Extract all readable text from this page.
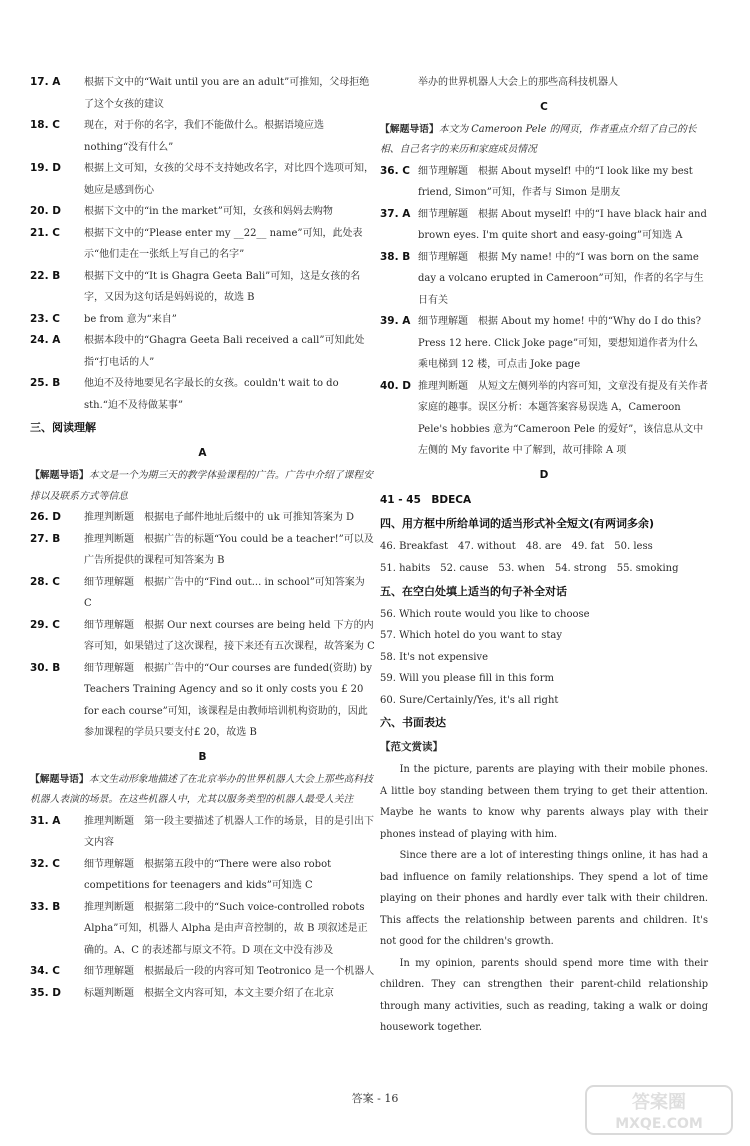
17. A 根据下文中的“Wait until you are an adult”可推知，父母拒绝了这个女孩的建议

18. C 现在，对于你的名字，我们不能做什么。根据语境应选 nothing“没有什么”

19. D 根据上文可知，女孩的父母不支持她改名字，对比四个选项可知，她应是感到伤心

20. D 根据下文中的“in the market”可知，女孩和妈妈去购物

21. C 根据下文中的“Please enter my __22__ name”可知，此处表示“他们走在一张纸上写自己的名字”

22. B 根据下文中的“It is Ghagra Geeta Bali”可知，这是女孩的名字，又因为这句话是妈妈说的，故选 B

23. C be from 意为“来自”

24. A 根据本段中的“Ghagra Geeta Bali received a call”可知此处指“打电话的人”

25. B 他迫不及待地要见名字最长的女孩。couldn't wait to do sth.“迫不及待做某事”

三、阅读理解
A

【解题导语】本文是一个为期三天的教学体验课程的广告。广告中介绍了课程安排以及联系方式等信息

26. D 推理判断题　根据电子邮件地址后缀中的 uk 可推知答案为 D

27. B 推理判断题　根据广告的标题“You could be a teacher!”可以及广告所提供的课程可知答案为 B

28. C 细节理解题　根据广告中的“Find out... in school”可知答案为 C

29. C 细节理解题　根据 Our next courses are being held 下方的内容可知，如果错过了这次课程，接下来还有五次课程，故答案为 C

30. B 细节理解题　根据广告中的“Our courses are funded(资助) by Teachers Training Agency and so it only costs you £ 20 for each course”可知，该课程是由教师培训机构资助的，因此参加课程的学员只要支付£ 20，故选 B

B

【解题导语】本文生动形象地描述了在北京举办的世界机器人大会上那些高科技机器人表演的场景。在这些机器人中，尤其以服务类型的机器人最受人关注

31. A 推理判断题　第一段主要描述了机器人工作的场景，目的是引出下文内容

32. C 细节理解题　根据第五段中的“There were also robot competitions for teenagers and kids”可知选 C

33. B 推理判断题　根据第二段中的“Such voice-controlled robots Alpha”可知，机器人 Alpha 是由声音控制的，故 B 项叙述是正确的。A、C 的表述都与原文不符。D 项在文中没有涉及

34. C 细节理解题　根据最后一段的内容可知 Teotronico 是一个机器人

35. D 标题判断题　根据全文内容可知，本文主要介绍了在北京

举办的世界机器人大会上的那些高科技机器人

C

【解题导语】本文为 Cameroon Pele 的网页，作者重点介绍了自己的长相、自己名字的来历和家庭成员情况

36. C 细节理解题　根据 About myself! 中的“I look like my best friend, Simon”可知，作者与 Simon 是朋友

37. A 细节理解题　根据 About myself! 中的“I have black hair and brown eyes. I'm quite short and easy-going”可知选 A

38. B 细节理解题　根据 My name! 中的“I was born on the same day a volcano erupted in Cameroon”可知，作者的名字与生日有关

39. A 细节理解题　根据 About my home! 中的“Why do I do this? Press 12 here. Click Joke page”可知，要想知道作者为什么乘电梯到 12 楼，可点击 Joke page

40. D 推理判断题　从短文左侧列举的内容可知，文章没有提及有关作者家庭的趣事。误区分析：本题答案容易误选 A，Cameroon Pele's hobbies 意为“Cameroon Pele 的爱好”，该信息从文中左侧的 My favorite 中了解到，故可排除 A 项

D
41 - 45　BDECA
四、用方框中所给单词的适当形式补全短文(有两词多余)
46. Breakfast 47. without 48. are 49. fat 50. less
51. habits 52. cause 53. when 54. strong 55. smoking
五、在空白处填上适当的句子补全对话

56. Which route would you like to choose

57. Which hotel do you want to stay

58. It's not expensive

59. Will you please fill in this form

60. Sure/Certainly/Yes, it's all right

六、书面表达
【范文赏读】

In the picture, parents are playing with their mobile phones. A little boy standing between them trying to get their attention. Maybe he wants to know why parents always play with their phones instead of playing with him.

Since there are a lot of interesting things online, it has had a bad influence on family relationships. They spend a lot of time playing on their phones and hardly ever talk with their children. This affects the relationship between parents and children. It's not good for the children's growth.

In my opinion, parents should spend more time with their children. They can strengthen their parent-child relationship through many activities, such as reading, taking a walk or doing housework together.

答案 - 16	答案圈
MXQE.COM
